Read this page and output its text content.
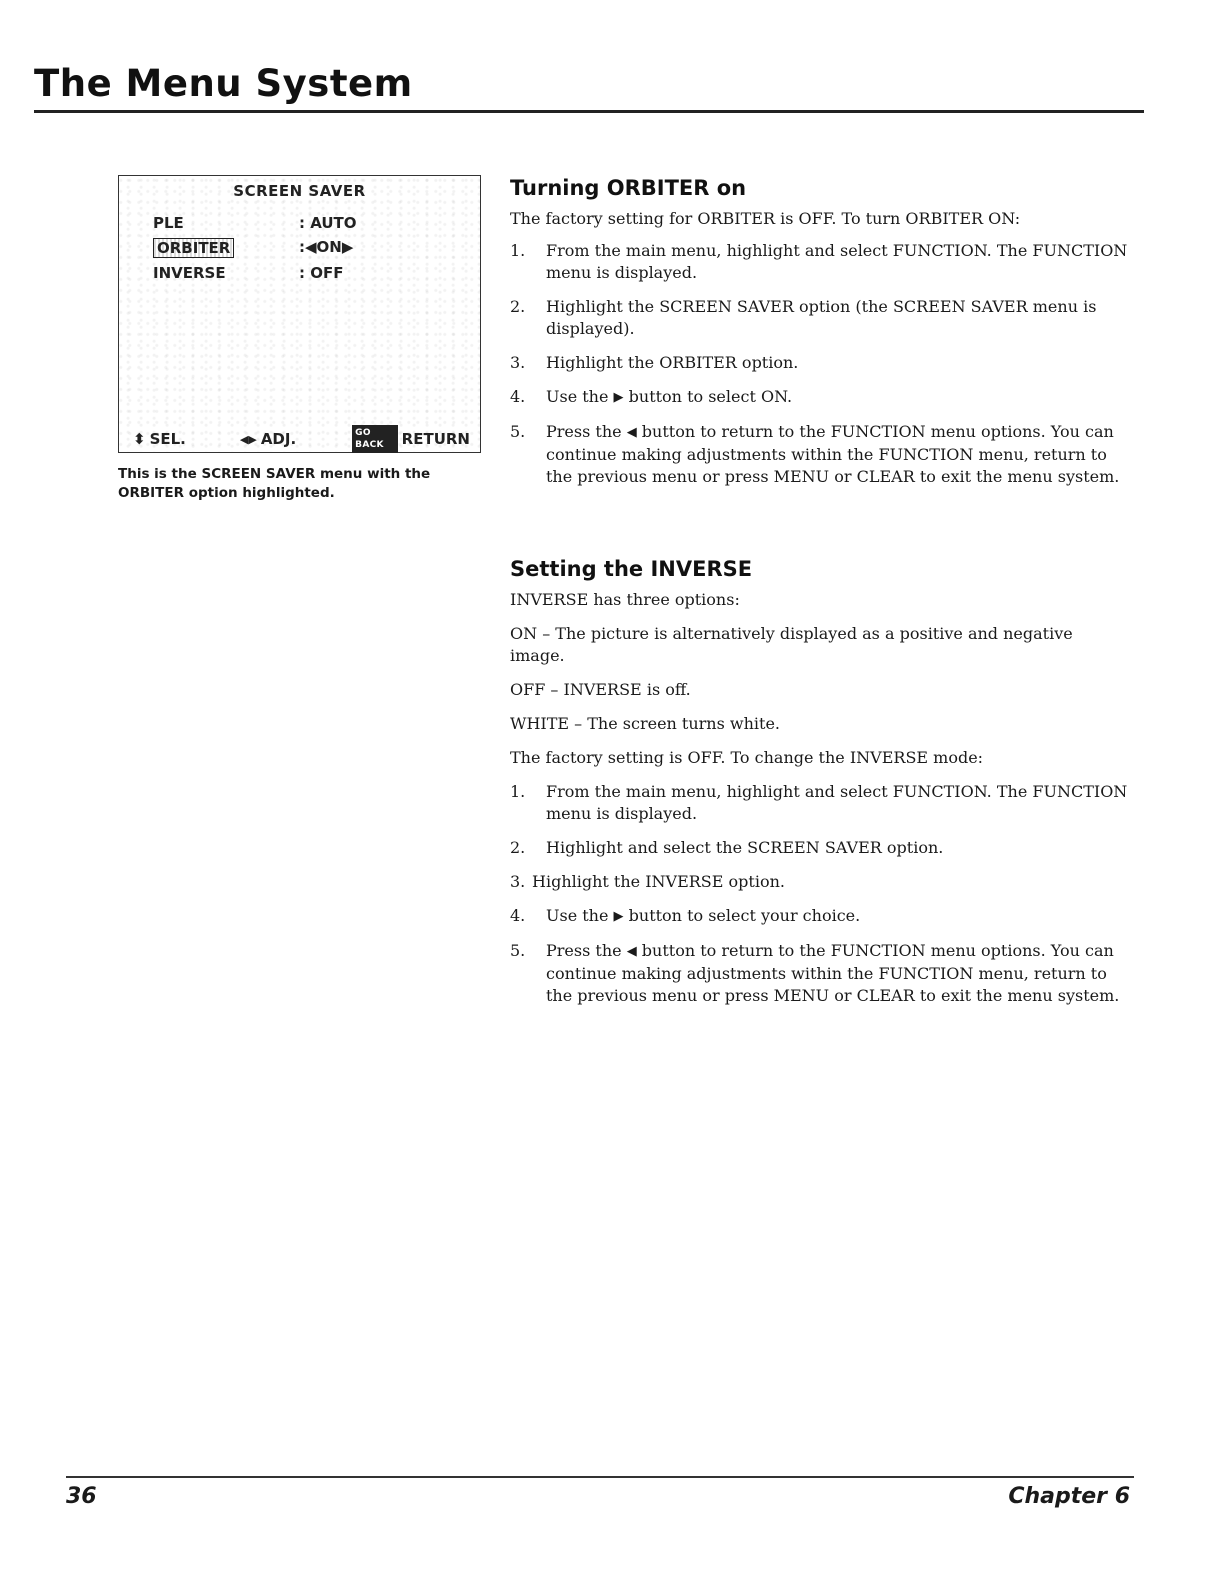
The Menu System
SCREEN SAVER
PLE	: AUTO
ORBITER	:◀ON▶
INVERSE	: OFF
⬍ SEL.	◀▶ ADJ.	GO BACK	RETURN

This is the SCREEN SAVER menu with the ORBITER option highlighted.

Turning ORBITER on

The factory setting for ORBITER is OFF. To turn ORBITER ON:

1. From the main menu, highlight and select FUNCTION. The FUNCTION menu is displayed.

2. Highlight the SCREEN SAVER option (the SCREEN SAVER menu is displayed).

3. Highlight the ORBITER option.

4. Use the ▶ button to select ON.

5. Press the ◀ button to return to the FUNCTION menu options. You can continue making adjustments within the FUNCTION menu, return to the previous menu or press MENU or CLEAR to exit the menu system.

Setting the INVERSE

INVERSE has three options:

ON – The picture is alternatively displayed as a positive and negative image.

OFF – INVERSE is off.

WHITE – The screen turns white.

The factory setting is OFF. To change the INVERSE mode:

1. From the main menu, highlight and select FUNCTION. The FUNCTION menu is displayed.

2. Highlight and select the SCREEN SAVER option.

3. Highlight the INVERSE option.

4. Use the ▶ button to select your choice.

5. Press the ◀ button to return to the FUNCTION menu options. You can continue making adjustments within the FUNCTION menu, return to the previous menu or press MENU or CLEAR to exit the menu system.

36	Chapter 6
